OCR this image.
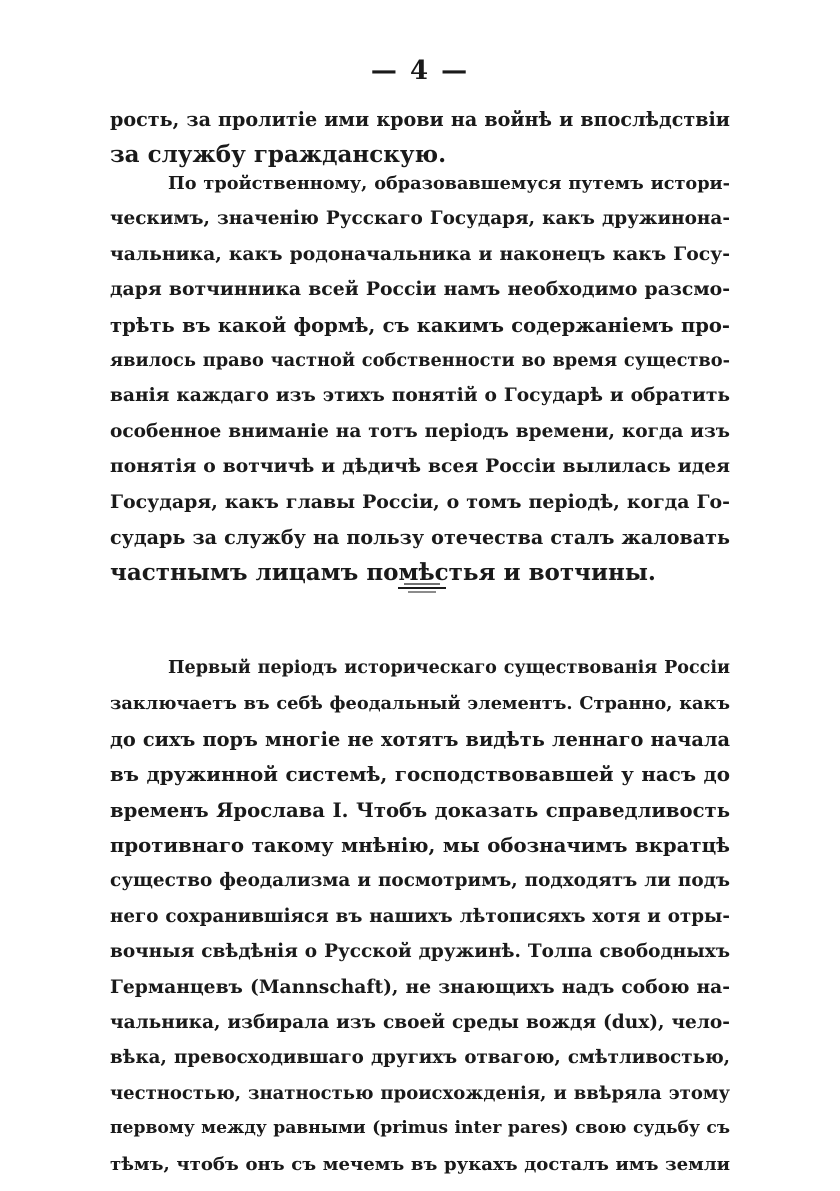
— 4 —
рость, за пролитіе ими крови на войнѣ и впослѣдствіи
за службу гражданскую.
По тройственному, образовавшемуся путемъ истори-
ческимъ, значенію Русскаго Государя, какъ дружинона-
чальника, какъ родоначальника и наконецъ какъ Госу-
даря вотчинника всей Россіи намъ необходимо разсмо-
трѣть въ какой формѣ, съ какимъ содержаніемъ про-
явилось право частной собственности во время существо-
ванія каждаго изъ этихъ понятій о Государѣ и обратить
особенное вниманіе на тотъ періодъ времени, когда изъ
понятія о вотчичѣ и дѣдичѣ всея Россіи вылилась идея
Государя, какъ главы Россіи, о томъ періодѣ, когда Го-
сударь за службу на пользу отечества сталъ жаловать
частнымъ лицамъ помѣстья и вотчины.
Первый періодъ историческаго существованія Россіи
заключаетъ въ себѣ феодальный элементъ. Странно, какъ
до сихъ поръ многіе не хотятъ видѣть леннаго начала
въ дружинной системѣ, господствовавшей у насъ до
временъ Ярослава I. Чтобъ доказать справедливость
противнаго такому мнѣнію, мы обозначимъ вкратцѣ
существо феодализма и посмотримъ, подходятъ ли подъ
него сохранившіяся въ нашихъ лѣтописяхъ хотя и отры-
вочныя свѣдѣнія о Русской дружинѣ. Толпа свободныхъ
Германцевъ (Mannschaft), не знающихъ надъ собою на-
чальника, избирала изъ своей среды вождя (dux), чело-
вѣка, превосходившаго другихъ отвагою, смѣтливостью,
честностью, знатностью происхожденія, и ввѣряла этому
первому между равными (primus inter pares) свою судьбу съ
тѣмъ, чтобъ онъ съ мечемъ въ рукахъ досталъ имъ земли
